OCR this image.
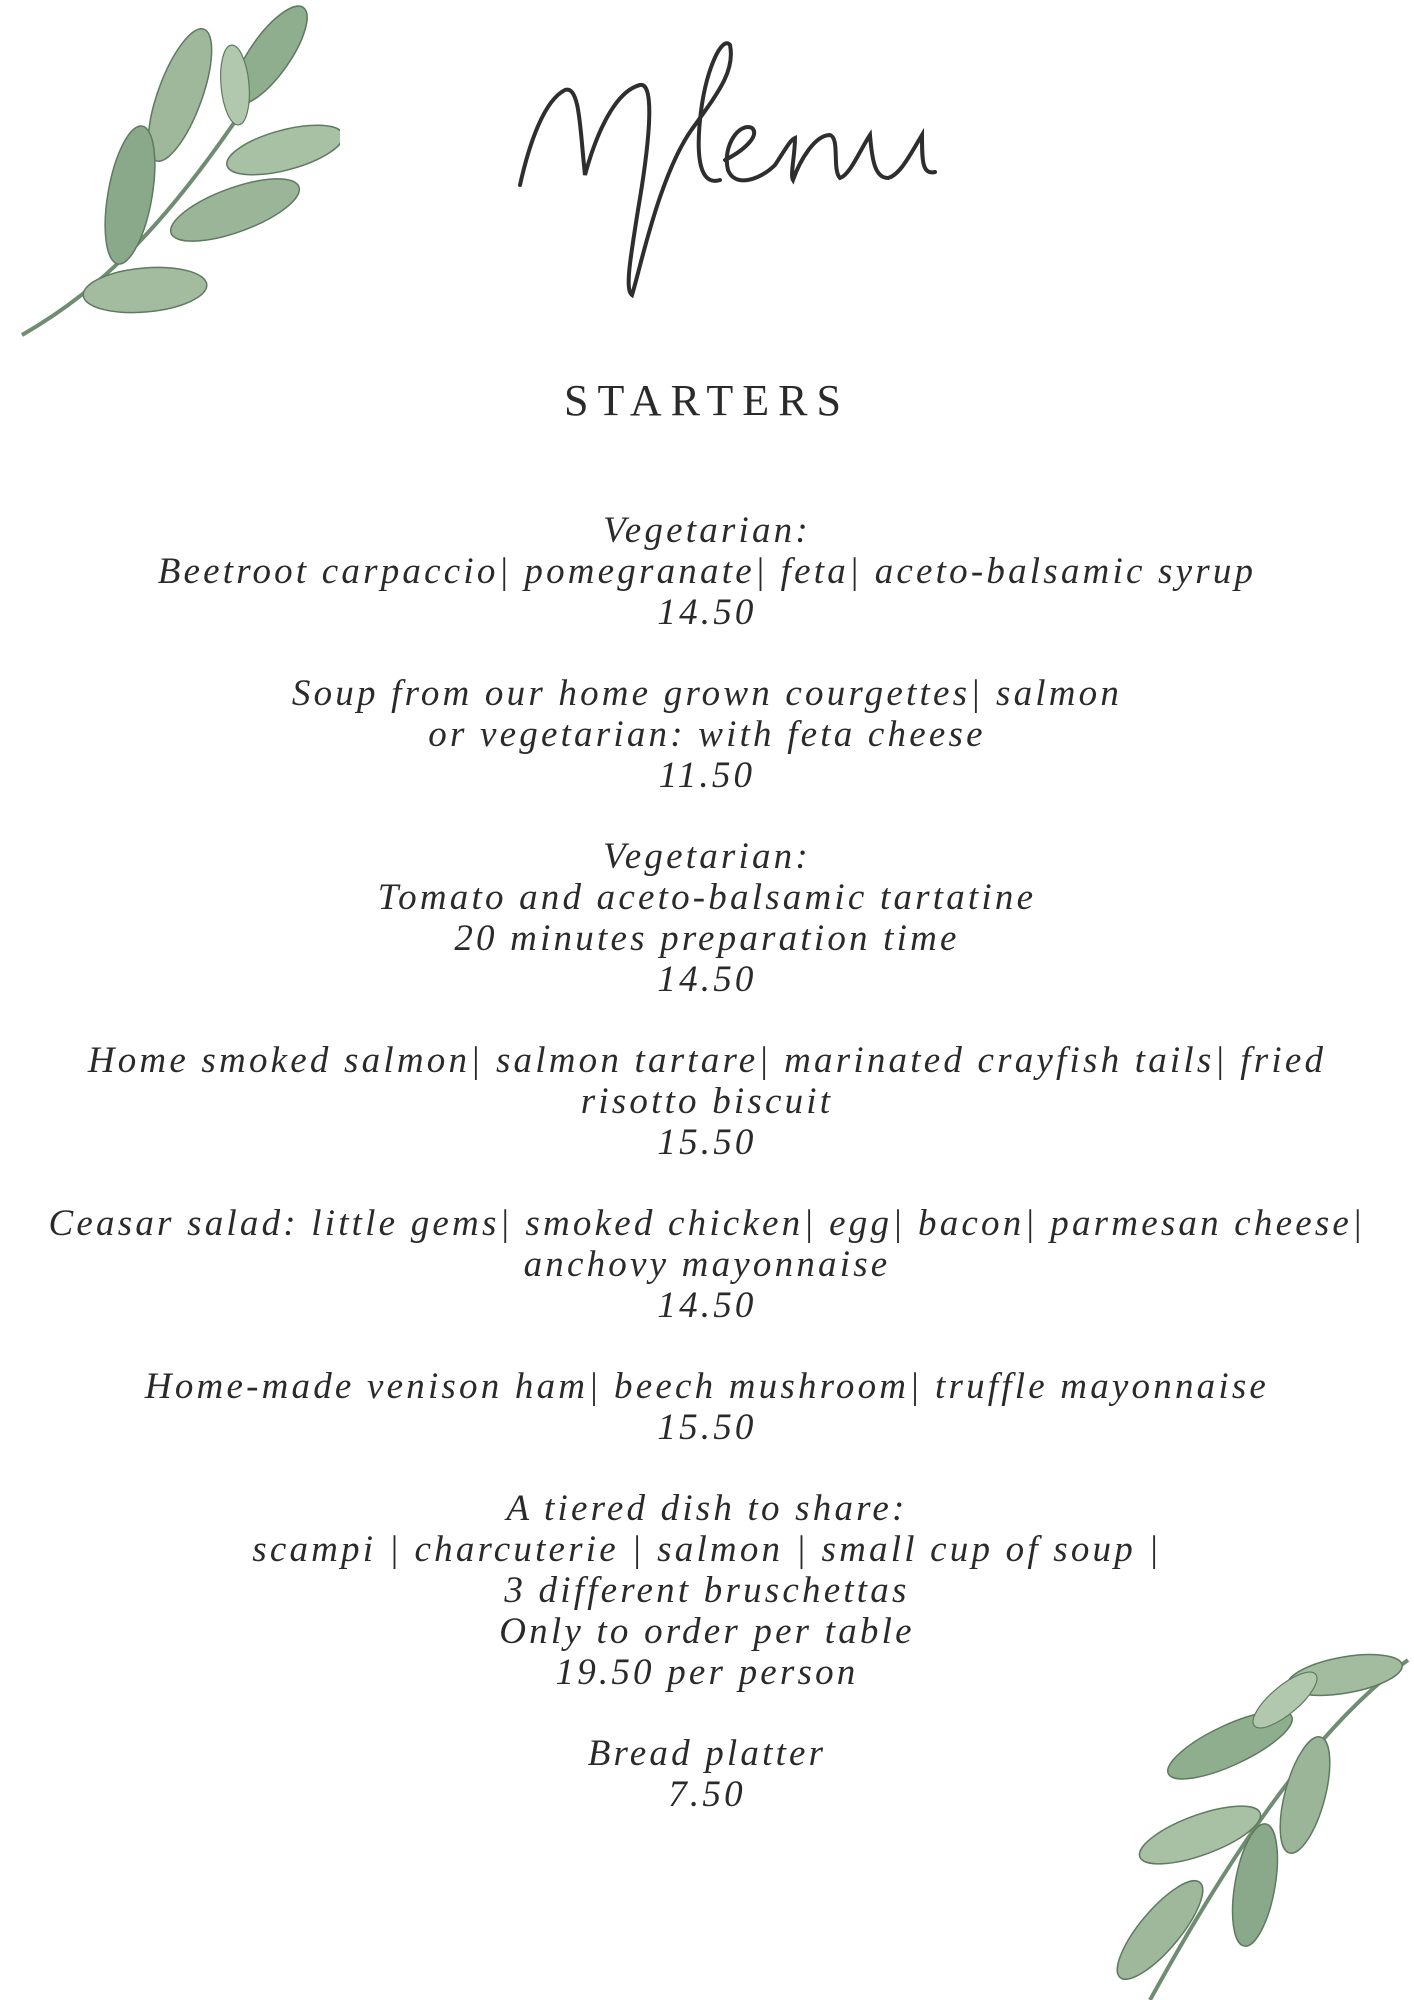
Menu
STARTERS
Vegetarian:
Beetroot carpaccio| pomegranate| feta| aceto-balsamic syrup
14.50
Soup from our home grown courgettes| salmon
or vegetarian: with feta cheese
11.50
Vegetarian:
Tomato and aceto-balsamic tartatine
20 minutes preparation time
14.50
Home smoked salmon| salmon tartare| marinated crayfish tails| fried
risotto biscuit
15.50
Ceasar salad: little gems| smoked chicken| egg| bacon| parmesan cheese|
anchovy mayonnaise
14.50
Home-made venison ham| beech mushroom| truffle mayonnaise
15.50
A tiered dish to share:
scampi | charcuterie | salmon | small cup of soup |
3 different bruschettas
Only to order per table
19.50 per person
Bread platter
7.50
